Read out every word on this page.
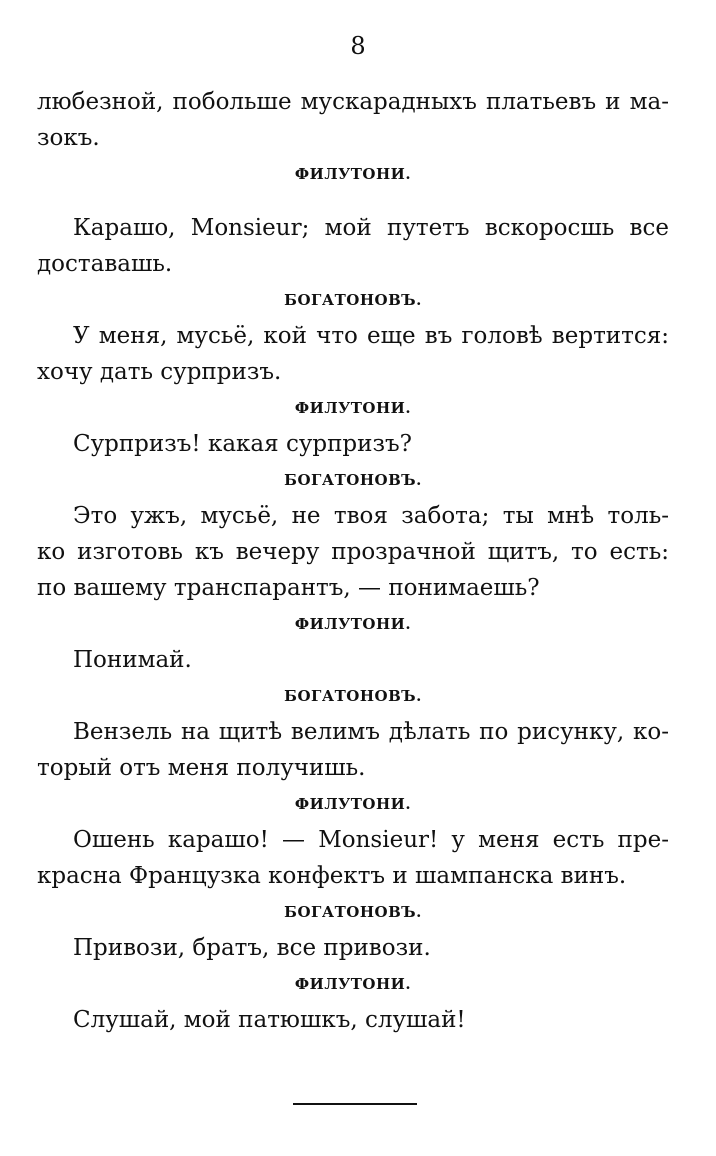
8
любезной, побольше мускарадныхъ платьевъ и ма-
зокъ.
ФИЛУТОНИ.
Карашо, Monsieur; мой путетъ вскоросшь все
доставашь.
БОГАТОНОВЪ.
У меня, мусьё, кой что еще въ головѣ вертится:
хочу дать сурпризъ.
ФИЛУТОНИ.
Сурпризъ! какая сурпризъ?
БОГАТОНОВЪ.
Это ужъ, мусьё, не твоя забота; ты мнѣ толь-
ко изготовь къ вечеру прозрачной щитъ, то есть:
по вашему транспарантъ, — понимаешь?
ФИЛУТОНИ.
Понимай.
БОГАТОНОВЪ.
Вензель на щитѣ велимъ дѣлать по рисунку, ко-
торый отъ меня получишь.
ФИЛУТОНИ.
Ошень карашо! — Monsieur! у меня есть пре-
красна Французка конфектъ и шампанска винъ.
БОГАТОНОВЪ.
Привози, братъ, все привози.
ФИЛУТОНИ.
Слушай, мой патюшкъ, слушай!
